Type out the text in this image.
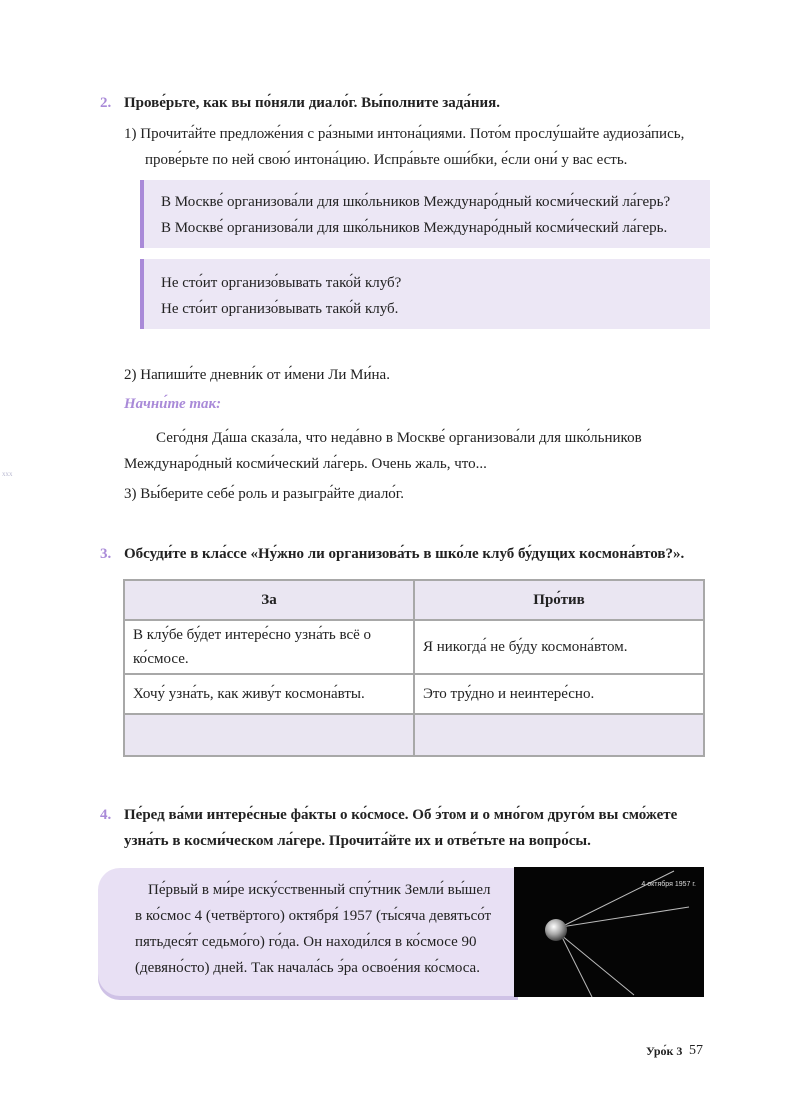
2. Прове́рьте, как вы по́няли диало́г. Вы́полните зада́ния.
1) Прочита́йте предложе́ния с ра́зными интона́циями. Пото́м прослу́шайте аудиоза́пись,
прове́рьте по ней свою́ интона́цию. Испра́вьте оши́бки, е́сли они́ у вас есть.
В Москве́ организова́ли для шко́льников Междунаро́дный косми́ческий ла́герь?
В Москве́ организова́ли для шко́льников Междунаро́дный косми́ческий ла́герь.
Не сто́ит организо́вывать тако́й клуб?
Не сто́ит организо́вывать тако́й клуб.
2) Напиши́те дневни́к от и́мени Ли Ми́на.
Начни́те так:
Сего́дня Да́ша сказа́ла, что неда́вно в Москве́ организова́ли для шко́льников
Междунаро́дный косми́ческий ла́герь. Очень жаль, что...
3) Вы́берите себе́ роль и разыгра́йте диало́г.
xxx
3. Обсуди́те в кла́ссе «Ну́жно ли организова́ть в шко́ле клуб бу́дущих космона́втов?».
За	Про́тив
В клу́бе бу́дет интере́сно узна́ть всё о ко́смосе.	Я никогда́ не бу́ду космона́втом.
Хочу́ узна́ть, как живу́т космона́вты.	Это тру́дно и неинтере́сно.

4. Пе́ред ва́ми интере́сные фа́кты о ко́смосе. Об э́том и о мно́гом друго́м вы смо́жете
узна́ть в косми́ческом ла́гере. Прочита́йте их и отве́тьте на вопро́сы.
Пе́рвый в ми́ре иску́сственный спу́тник Земли́ вы́шел
в ко́смос 4 (четвёртого) октября́ 1957 (ты́сяча девятьсо́т
пятьдеся́т седьмо́го) го́да. Он находи́лся в ко́смосе 90
(девяно́сто) дней. Так начала́сь э́ра освое́ния ко́смоса.
4 октября 1957 г.
Уро́к 3 57
